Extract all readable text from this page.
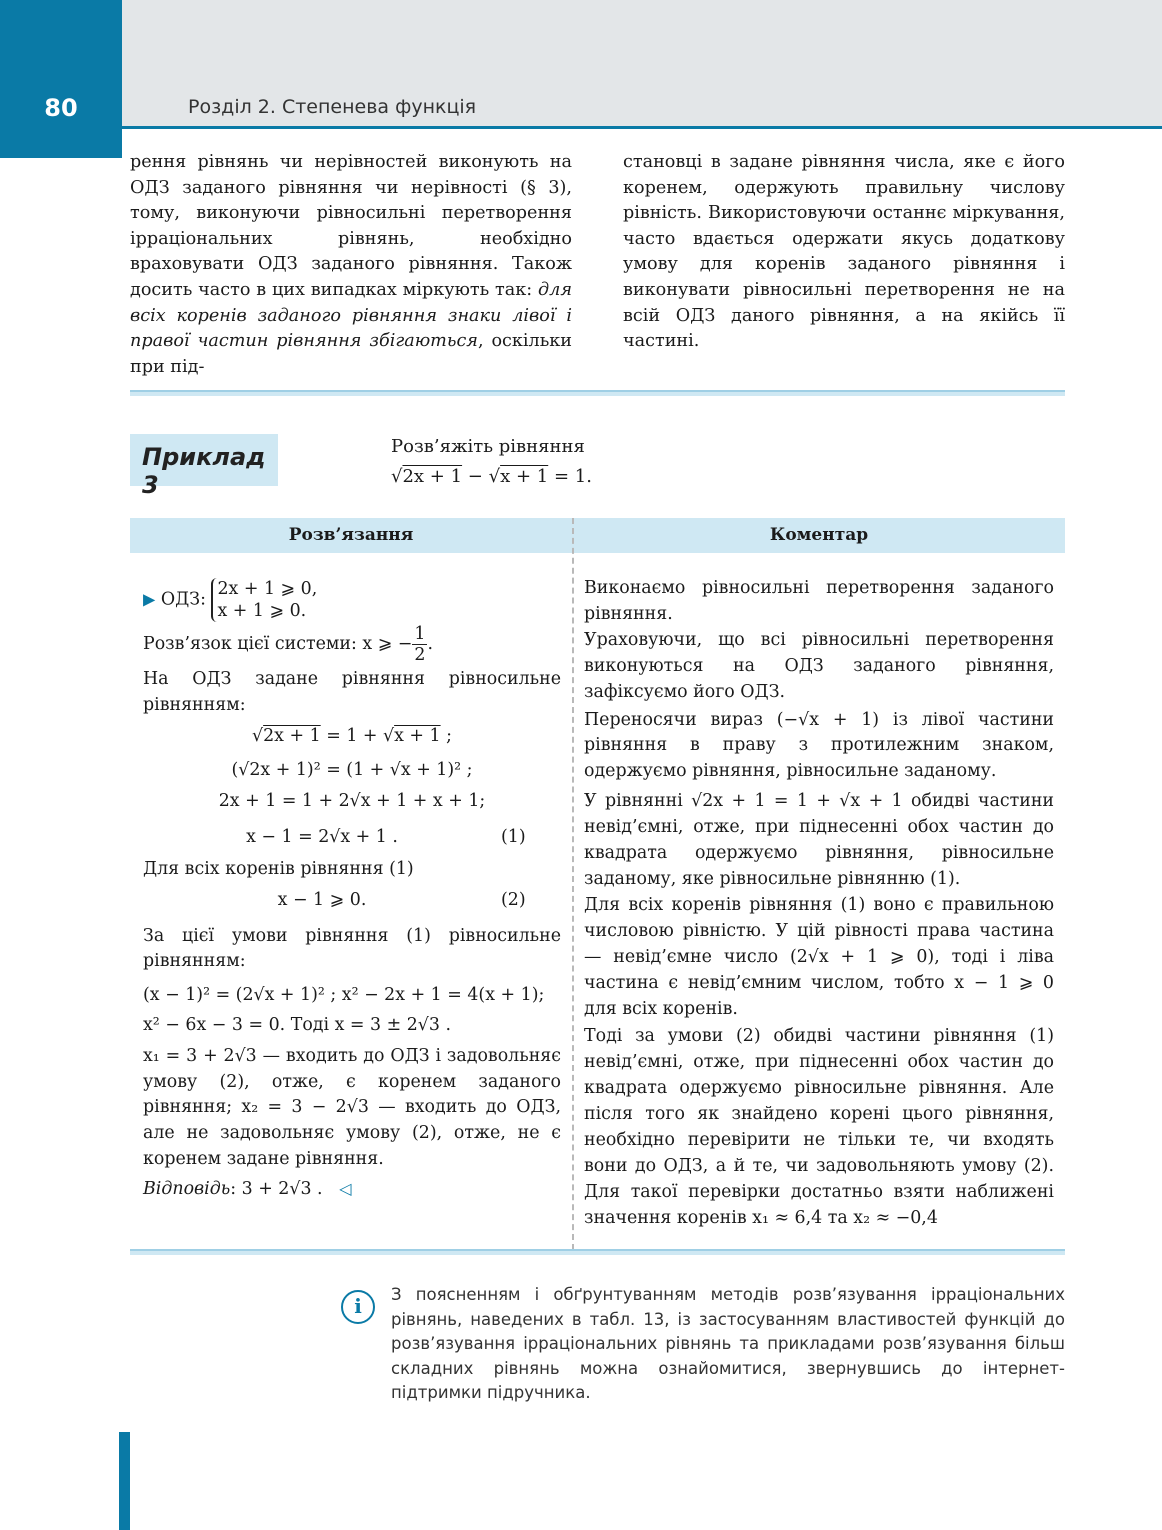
80	Розділ 2. Степенева функція

рення рівнянь чи нерівностей виконують на ОДЗ заданого рівняння чи нерівності (§ 3), тому, виконуючи рівносильні перетворення ірраціональних рівнянь, необхідно враховувати ОДЗ заданого рівняння. Також досить часто в цих випадках міркують так: для всіх коренів заданого рівняння знаки лівої і правої частин рівняння збігаються, оскільки при під-

становці в задане рівняння числа, яке є його коренем, одержують правильну числову рівність. Використовуючи останнє міркування, часто вдається одержати якусь додаткову умову для коренів заданого рівняння і виконувати рівносильні перетворення не на всій ОДЗ даного рівняння, а на якійсь її частині.

Приклад 3
Розв’яжіть рівняння
√2x + 1 − √x + 1 = 1.
Розв’язання	Коментар

▶ ОДЗ:
2x + 1 ⩾ 0,
x + 1 ⩾ 0.

Розв’язок цієї системи: x ⩾ − $\frac{1}{2}$ .

На ОДЗ задане рівняння рівносильне рівнянням:

√2x + 1 = 1 + √x + 1 ;

(√2x + 1)² = (1 + √x + 1)² ;

2x + 1 = 1 + 2√x + 1 + x + 1;

x − 1 = 2√x + 1 .	(1)

Для всіх коренів рівняння (1)

x − 1 ⩾ 0.	(2)

За цієї умови рівняння (1) рівносильне рівнянням:

(x − 1)² = (2√x + 1)² ; x² − 2x + 1 = 4(x + 1);

x² − 6x − 3 = 0. Тоді x = 3 ± 2√3 .

x₁ = 3 + 2√3 — входить до ОДЗ і задовольняє умову (2), отже, є коренем заданого рівняння; x₂ = 3 − 2√3 — входить до ОДЗ, але не задовольняє умову (2), отже, не є коренем задане рівняння.

Відповідь: 3 + 2√3 . ◁

Виконаємо рівносильні перетворення заданого рівняння.

Ураховуючи, що всі рівносильні перетворення виконуються на ОДЗ заданого рівняння, зафіксуємо його ОДЗ.

Переносячи вираз (−√x + 1) із лівої частини рівняння в праву з протилежним знаком, одержуємо рівняння, рівносильне заданому.

У рівнянні √2x + 1 = 1 + √x + 1 обидві частини невід’ємні, отже, при піднесенні обох частин до квадрата одержуємо рівняння, рівносильне заданому, яке рівносильне рівнянню (1).

Для всіх коренів рівняння (1) воно є правильною числовою рівністю. У цій рівності права частина — невід’ємне число (2√x + 1 ⩾ 0), тоді і ліва частина є невід’ємним числом, тобто x − 1 ⩾ 0 для всіх коренів.

Тоді за умови (2) обидві частини рівняння (1) невід’ємні, отже, при піднесенні обох частин до квадрата одержуємо рівносильне рівняння. Але після того як знайдено корені цього рівняння, необхідно перевірити не тільки те, чи входять вони до ОДЗ, а й те, чи задовольняють умову (2). Для такої перевірки достатньо взяти наближені значення коренів x₁ ≈ 6,4 та x₂ ≈ −0,4

i	З поясненням і обґрунтуванням методів розв’язування ірраціональних рівнянь, наведених в табл. 13, із застосуванням властивостей функцій до розв’язування ірраціональних рівнянь та прикладами розв’язування більш складних рівнянь можна ознайомитися, звернувшись до інтернет-підтримки підручника.
